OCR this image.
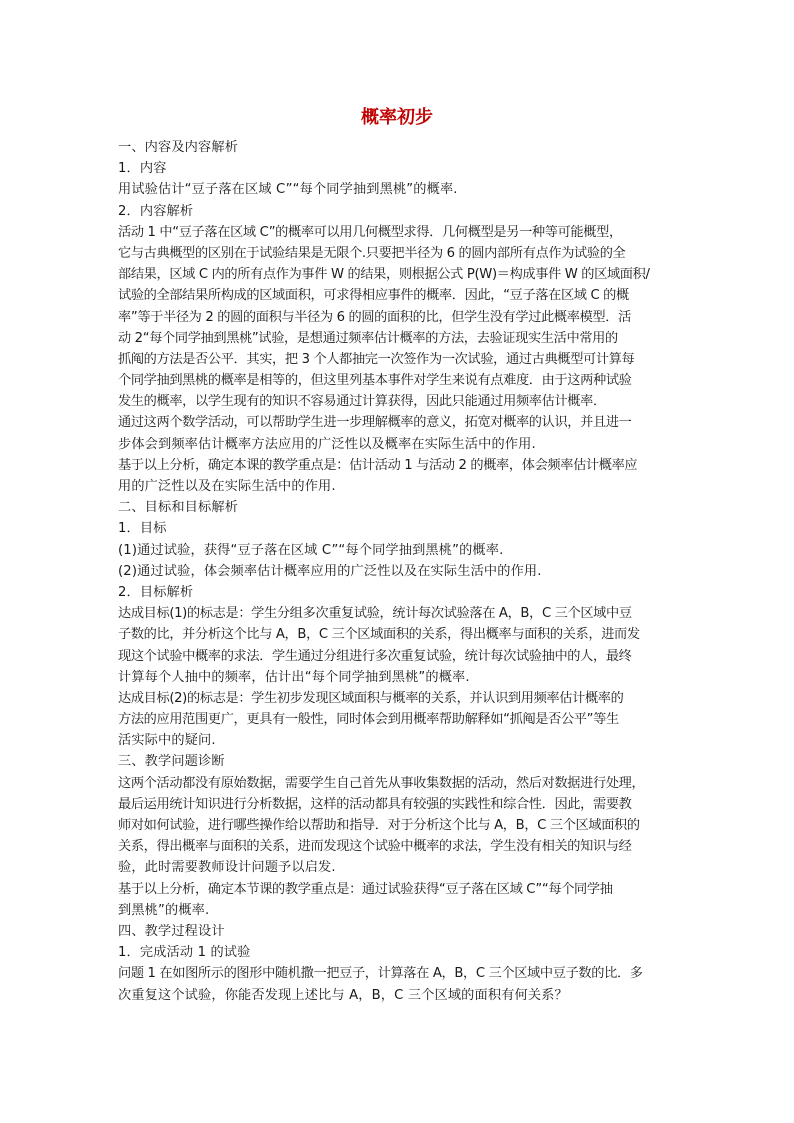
概率初步
一、内容及内容解析
1．内容
用试验估计“豆子落在区域 C”“每个同学抽到黑桃”的概率.
2．内容解析
活动 1 中“豆子落在区域 C”的概率可以用几何概型求得．几何概型是另一种等可能概型，
它与古典概型的区别在于试验结果是无限个.只要把半径为 6 的圆内部所有点作为试验的全
部结果，区域 C 内的所有点作为事件 W 的结果，则根据公式 P(W)＝构成事件 W 的区域面积/
试验的全部结果所构成的区域面积，可求得相应事件的概率．因此，“豆子落在区域 C 的概
率”等于半径为 2 的圆的面积与半径为 6 的圆的面积的比，但学生没有学过此概率模型．活
动 2“每个同学抽到黑桃”试验，是想通过频率估计概率的方法，去验证现实生活中常用的
抓阄的方法是否公平．其实，把 3 个人都抽完一次签作为一次试验，通过古典概型可计算每
个同学抽到黑桃的概率是相等的，但这里列基本事件对学生来说有点难度．由于这两种试验
发生的概率，以学生现有的知识不容易通过计算获得，因此只能通过用频率估计概率．
通过这两个数学活动，可以帮助学生进一步理解概率的意义，拓宽对概率的认识，并且进一
步体会到频率估计概率方法应用的广泛性以及概率在实际生活中的作用.
基于以上分析，确定本课的教学重点是：估计活动 1 与活动 2 的概率，体会频率估计概率应
用的广泛性以及在实际生活中的作用.
二、目标和目标解析
1．目标
(1)通过试验，获得“豆子落在区域 C”“每个同学抽到黑桃”的概率.
(2)通过试验，体会频率估计概率应用的广泛性以及在实际生活中的作用.
2．目标解析
达成目标(1)的标志是：学生分组多次重复试验，统计每次试验落在 A，B，C 三个区域中豆
子数的比，并分析这个比与 A，B，C 三个区域面积的关系，得出概率与面积的关系，进而发
现这个试验中概率的求法．学生通过分组进行多次重复试验，统计每次试验抽中的人，最终
计算每个人抽中的频率，估计出“每个同学抽到黑桃”的概率.
达成目标(2)的标志是：学生初步发现区域面积与概率的关系，并认识到用频率估计概率的
方法的应用范围更广，更具有一般性，同时体会到用概率帮助解释如“抓阄是否公平”等生
活实际中的疑问.
三、教学问题诊断
这两个活动都没有原始数据，需要学生自己首先从事收集数据的活动，然后对数据进行处理，
最后运用统计知识进行分析数据，这样的活动都具有较强的实践性和综合性．因此，需要教
师对如何试验，进行哪些操作给以帮助和指导．对于分析这个比与 A，B，C 三个区域面积的
关系，得出概率与面积的关系，进而发现这个试验中概率的求法，学生没有相关的知识与经
验，此时需要教师设计问题予以启发.
基于以上分析，确定本节课的教学重点是：通过试验获得“豆子落在区域 C”“每个同学抽
到黑桃”的概率.
四、教学过程设计
1．完成活动 1 的试验
问题 1 在如图所示的图形中随机撒一把豆子，计算落在 A，B，C 三个区域中豆子数的比．多
次重复这个试验，你能否发现上述比与 A，B，C 三个区域的面积有何关系？
